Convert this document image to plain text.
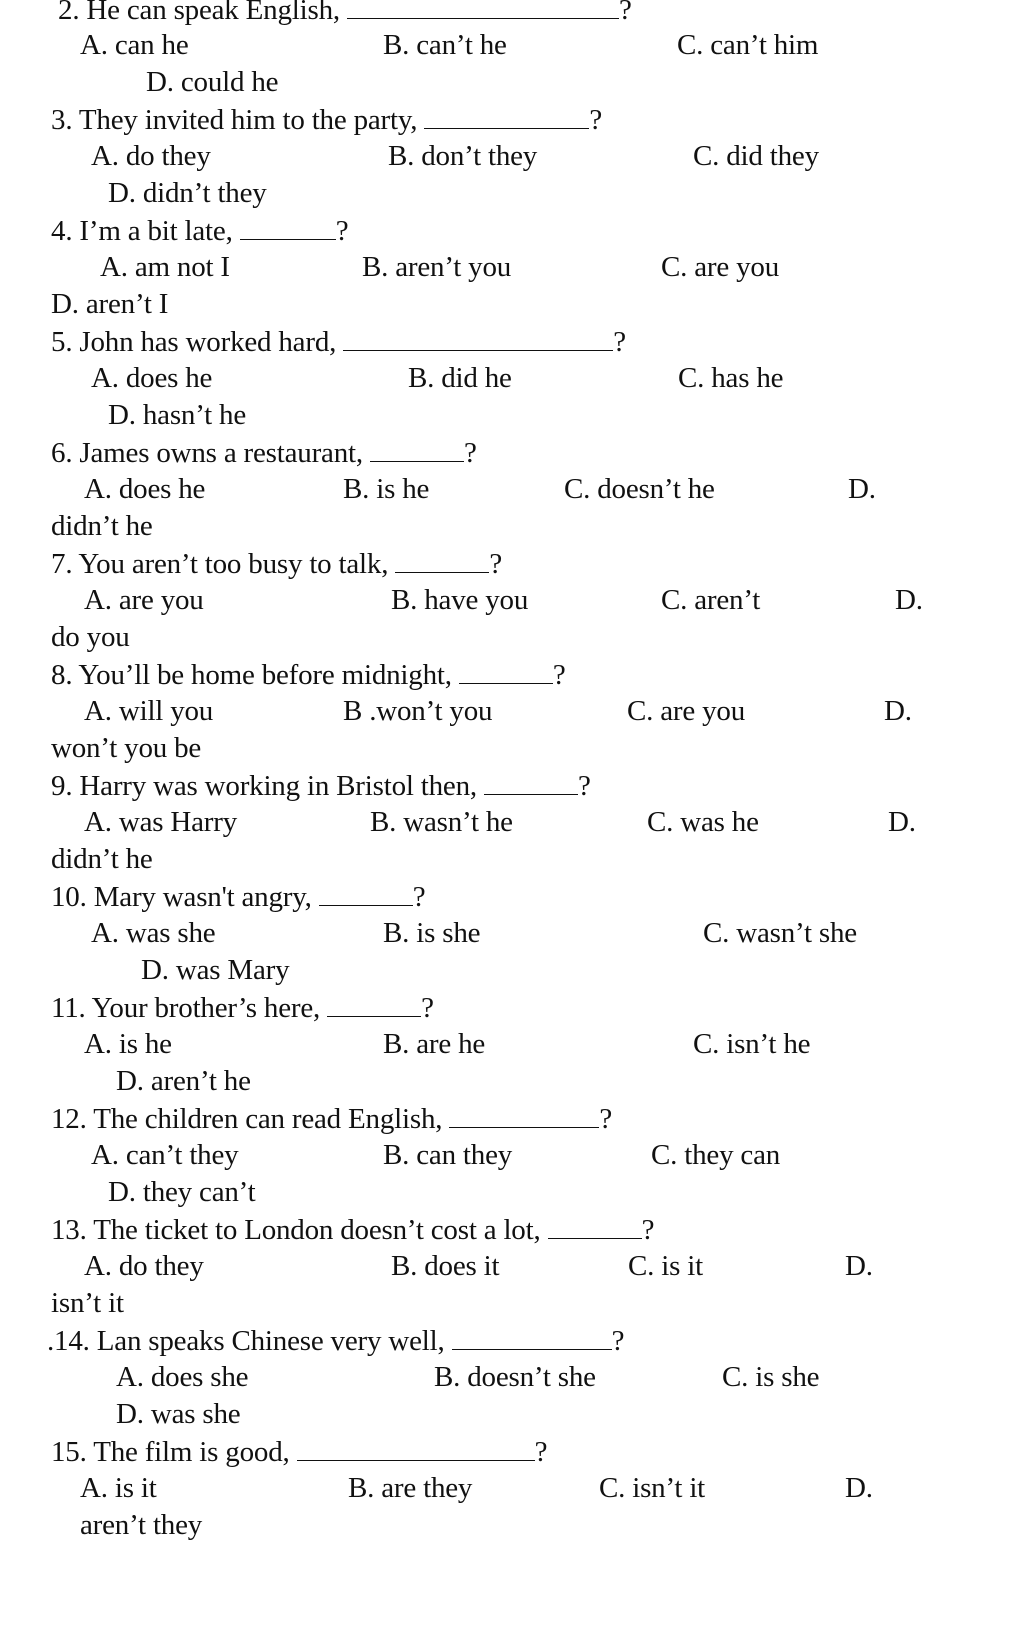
2. He can speak English,	?
A. can he	B. can’t he	C. can’t him
D. could he
3. They invited him to the party,	?
A. do they	B. don’t they	C. did they
D. didn’t they
4. I’m a bit late,	?
A. am not I	B. aren’t you	C. are you
D. aren’t I
5. John has worked hard,	?
A. does he	B. did he	C. has he
D. hasn’t he
6. James owns a restaurant,	?
A. does he	B. is he	C. doesn’t he	D.
didn’t he
7. You aren’t too busy to talk,	?
A. are you	B. have you	C. aren’t	D.
do you
8. You’ll be home before midnight,	?
A. will you	B .won’t you	C. are you	D.
won’t you be
9. Harry was working in Bristol then,	?
A. was Harry	B. wasn’t he	C. was he	D.
didn’t he
10. Mary wasn't angry,	?
A. was she	B. is she	C. wasn’t she
D. was Mary
11. Your brother’s here,	?
A. is he	B. are he	C. isn’t he
D. aren’t he
12. The children can read English,	?
A. can’t they	B. can they	C. they can
D. they can’t
13. The ticket to London doesn’t cost a lot,	?
A. do they	B. does it	C. is it	D.
isn’t it
.14. Lan speaks Chinese very well,	?
A. does she	B. doesn’t she	C. is she
D. was she
15. The film is good,	?
A. is it	B. are they	C. isn’t it	D.
aren’t they
